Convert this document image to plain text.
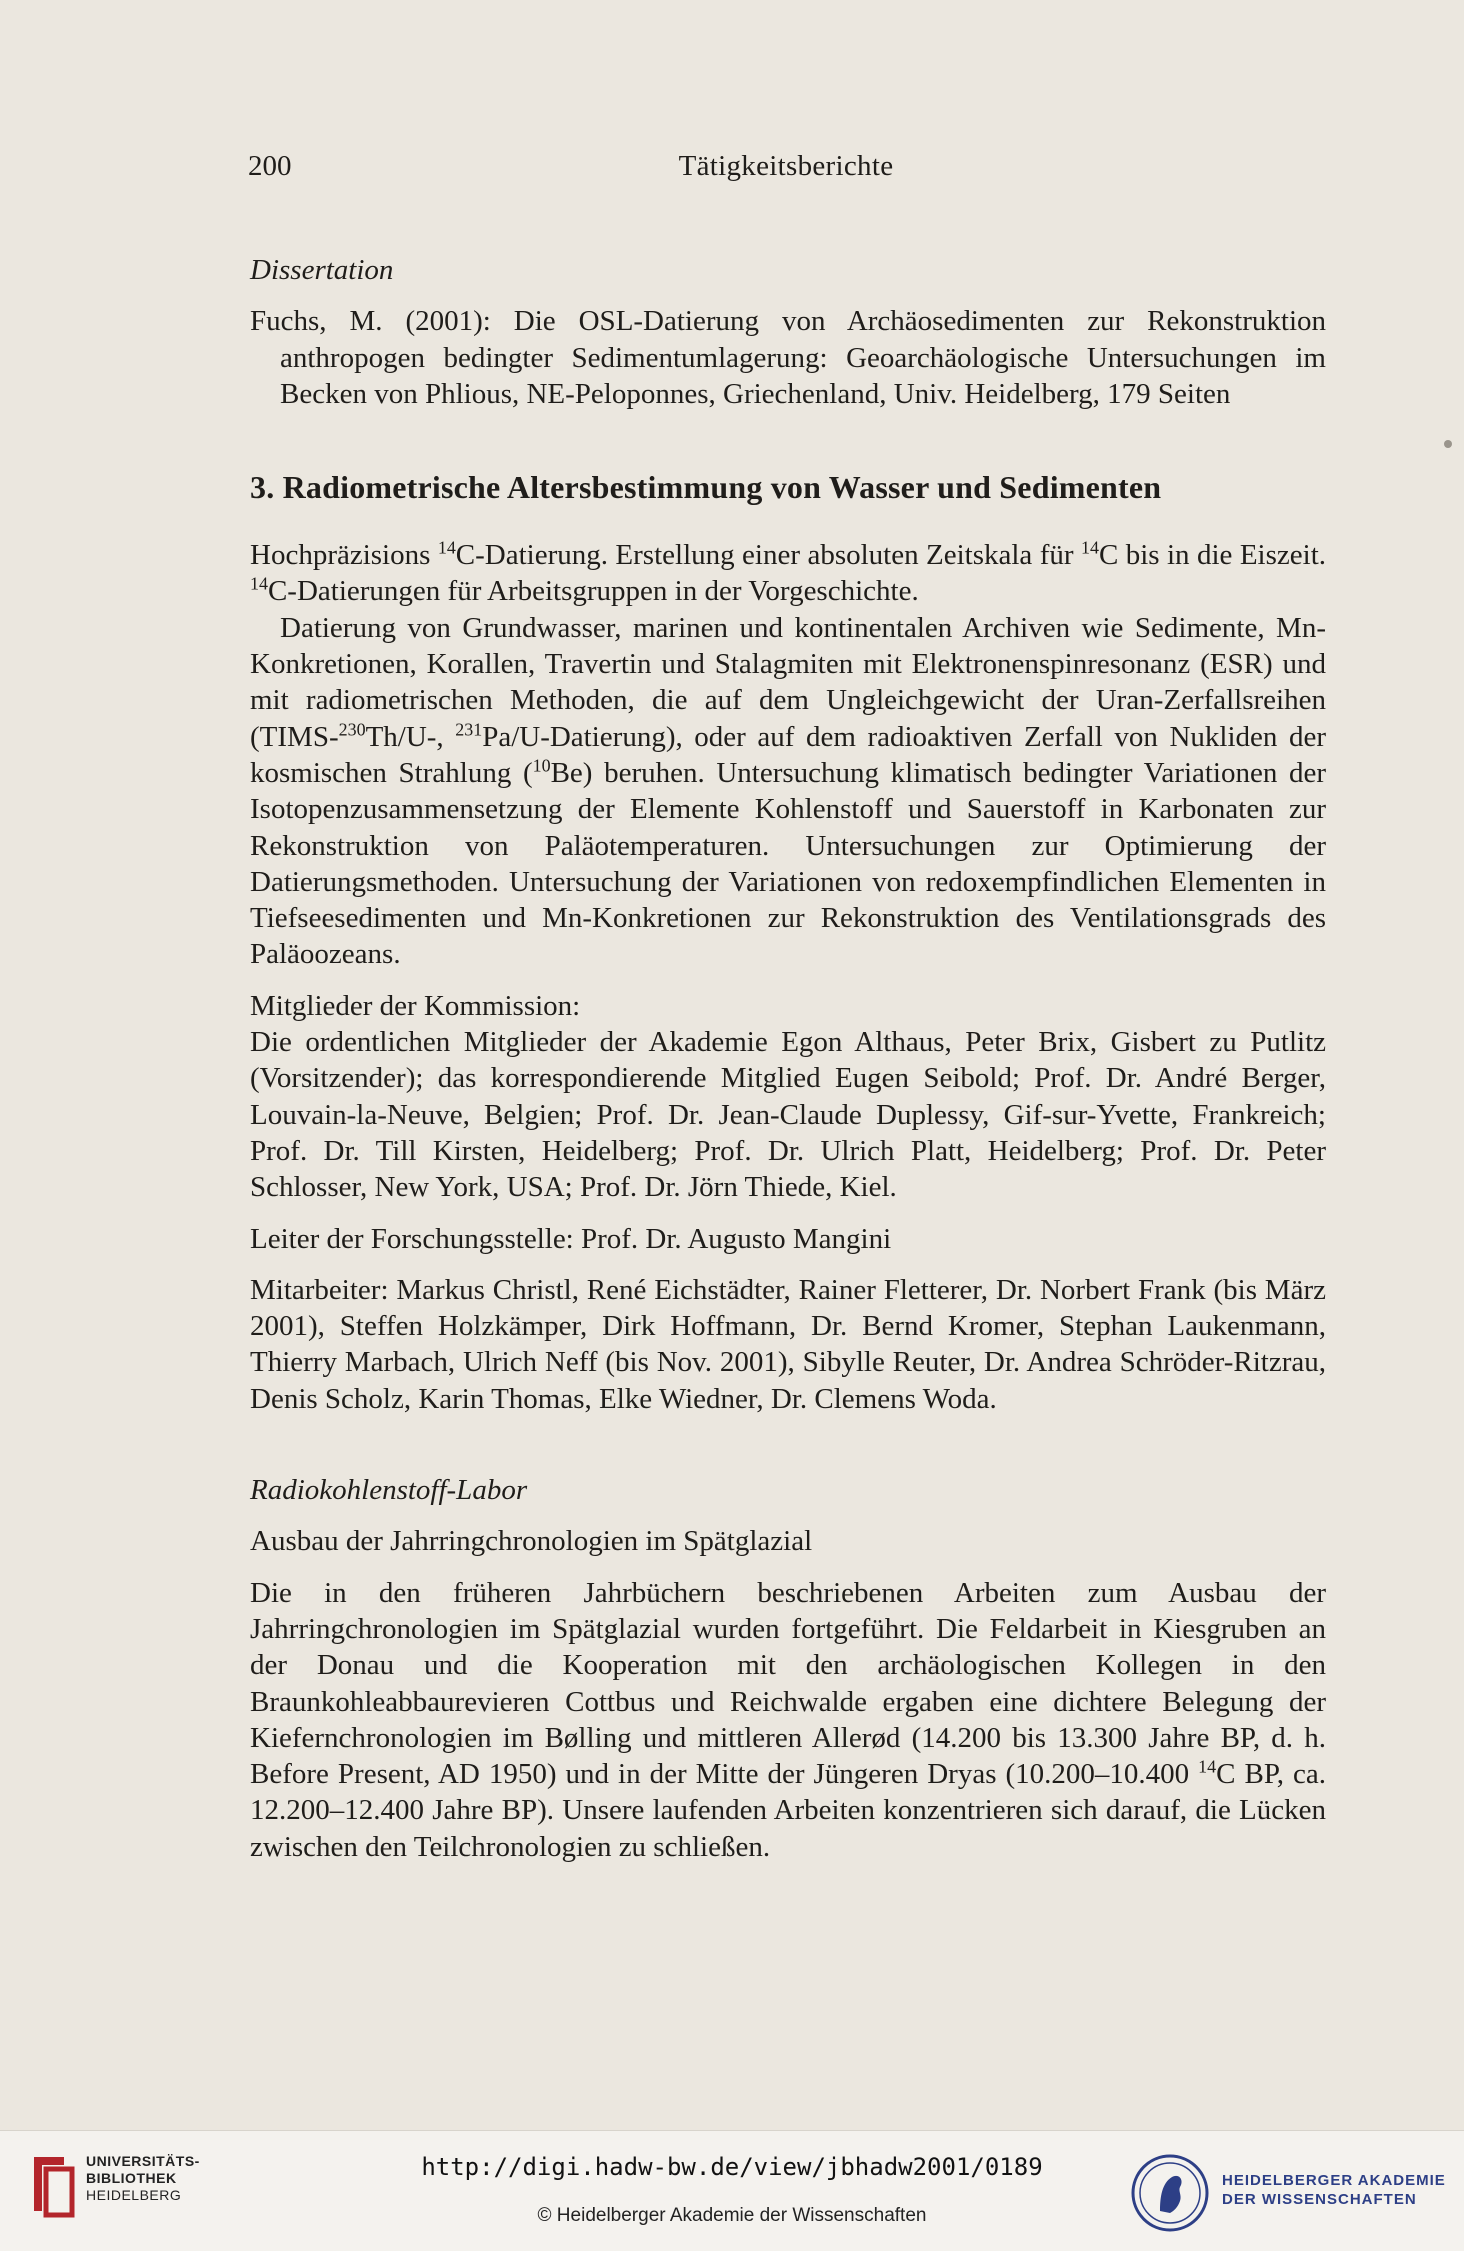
200	Tätigkeitsberichte

Dissertation

Fuchs, M. (2001): Die OSL-Datierung von Archäosedimenten zur Rekonstruktion anthropogen bedingter Sedimentumlagerung: Geoarchäologische Untersuchungen im Becken von Phlious, NE-Peloponnes, Griechenland, Univ. Heidelberg, 179 Seiten

3. Radiometrische Altersbestimmung von Wasser und Sedimenten

Hochpräzisions $^{14}$C-Datierung. Erstellung einer absoluten Zeitskala für $^{14}$C bis in die Eiszeit. $^{14}$C-Datierungen für Arbeitsgruppen in der Vorgeschichte.

Datierung von Grundwasser, marinen und kontinentalen Archiven wie Sedimente, Mn-Konkretionen, Korallen, Travertin und Stalagmiten mit Elektronenspinresonanz (ESR) und mit radiometrischen Methoden, die auf dem Ungleichgewicht der Uran-Zerfallsreihen (TIMS-$^{230}$Th/U-, $^{231}$Pa/U-Datierung), oder auf dem radioaktiven Zerfall von Nukliden der kosmischen Strahlung ($^{10}$Be) beruhen. Untersuchung klimatisch bedingter Variationen der Isotopenzusammensetzung der Elemente Kohlenstoff und Sauerstoff in Karbonaten zur Rekonstruktion von Paläotemperaturen. Untersuchungen zur Optimierung der Datierungsmethoden. Untersuchung der Variationen von redoxempfindlichen Elementen in Tiefseesedimenten und Mn-Konkretionen zur Rekonstruktion des Ventilationsgrads des Paläoozeans.

Mitglieder der Kommission:

Die ordentlichen Mitglieder der Akademie Egon Althaus, Peter Brix, Gisbert zu Putlitz (Vorsitzender); das korrespondierende Mitglied Eugen Seibold; Prof. Dr. André Berger, Louvain-la-Neuve, Belgien; Prof. Dr. Jean-Claude Duplessy, Gif-sur-Yvette, Frankreich; Prof. Dr. Till Kirsten, Heidelberg; Prof. Dr. Ulrich Platt, Heidelberg; Prof. Dr. Peter Schlosser, New York, USA; Prof. Dr. Jörn Thiede, Kiel.

Leiter der Forschungsstelle: Prof. Dr. Augusto Mangini

Mitarbeiter: Markus Christl, René Eichstädter, Rainer Fletterer, Dr. Norbert Frank (bis März 2001), Steffen Holzkämper, Dirk Hoffmann, Dr. Bernd Kromer, Stephan Laukenmann, Thierry Marbach, Ulrich Neff (bis Nov. 2001), Sibylle Reuter, Dr. Andrea Schröder-Ritzrau, Denis Scholz, Karin Thomas, Elke Wiedner, Dr. Clemens Woda.

Radiokohlenstoff-Labor

Ausbau der Jahrringchronologien im Spätglazial

Die in den früheren Jahrbüchern beschriebenen Arbeiten zum Ausbau der Jahrringchronologien im Spätglazial wurden fortgeführt. Die Feldarbeit in Kiesgruben an der Donau und die Kooperation mit den archäologischen Kollegen in den Braunkohleabbaurevieren Cottbus und Reichwalde ergaben eine dichtere Belegung der Kiefernchronologien im Bølling und mittleren Allerød (14.200 bis 13.300 Jahre BP, d. h. Before Present, AD 1950) und in der Mitte der Jüngeren Dryas (10.200–10.400 $^{14}$C BP, ca. 12.200–12.400 Jahre BP). Unsere laufenden Arbeiten konzentrieren sich darauf, die Lücken zwischen den Teilchronologien zu schließen.

UNIVERSITÄTS-
BIBLIOTHEK
HEIDELBERG
http://digi.hadw-bw.de/view/jbhadw2001/0189
© Heidelberger Akademie der Wissenschaften
HEIDELBERGER AKADEMIE
DER WISSENSCHAFTEN
